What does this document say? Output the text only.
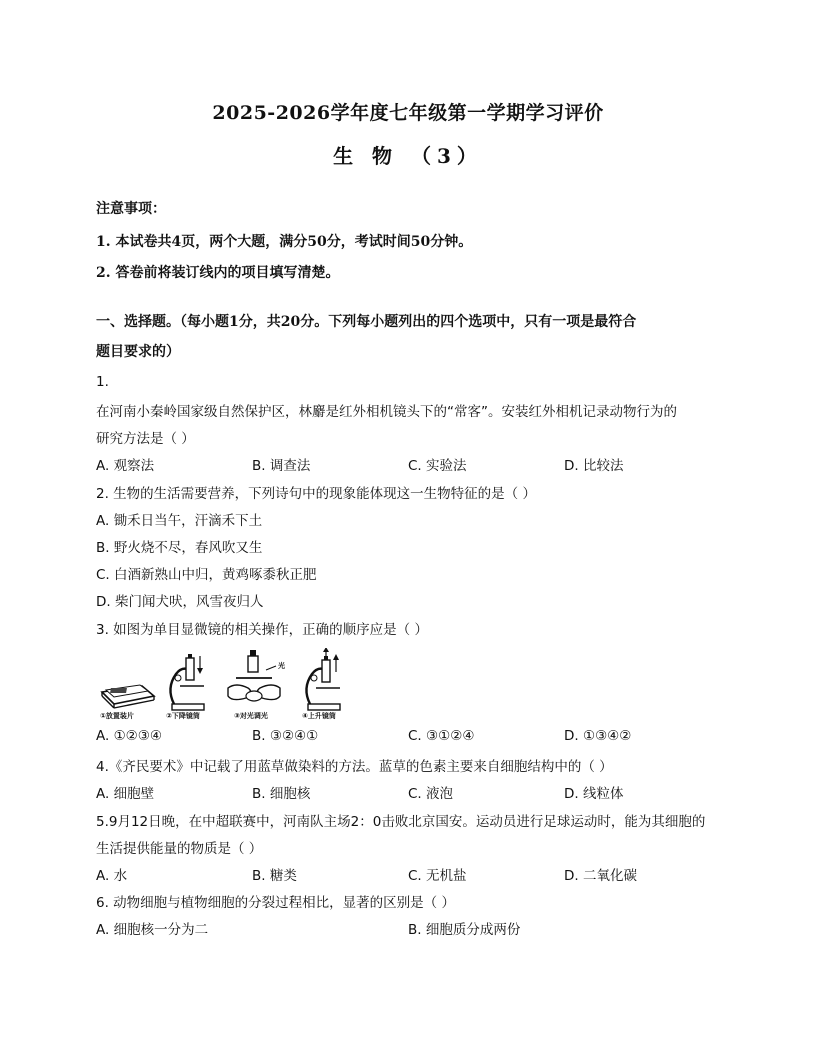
2025-2026学年度七年级第一学期学习评价
生 物 （3）
注意事项：
1. 本试卷共4页，两个大题，满分50分，考试时间50分钟。
2. 答卷前将装订线内的项目填写清楚。
一、选择题。（每小题1分，共20分。下列每小题列出的四个选项中，只有一项是最符合
题目要求的）
1.
在河南小秦岭国家级自然保护区，林麝是红外相机镜头下的“常客”。安装红外相机记录动物行为的
研究方法是（ ）
A. 观察法	B. 调查法	C. 实验法	D. 比较法
2. 生物的生活需要营养，下列诗句中的现象能体现这一生物特征的是（ ）
A. 锄禾日当午，汗滴禾下土
B. 野火烧不尽，春风吹又生
C. 白酒新熟山中归，黄鸡啄黍秋正肥
D. 柴门闻犬吠，风雪夜归人
3. 如图为单目显微镜的相关操作，正确的顺序应是（ ）
光
①放置装片	②下降镜筒	③对光调光	④上升镜筒
A. ①②③④	B. ③②④①	C. ③①②④	D. ①③④②
4.《齐民要术》中记载了用蓝草做染料的方法。蓝草的色素主要来自细胞结构中的（ ）
A. 细胞壁	B. 细胞核	C. 液泡	D. 线粒体
5.9月12日晚，在中超联赛中，河南队主场2：0击败北京国安。运动员进行足球运动时，能为其细胞的
生活提供能量的物质是（ ）
A. 水	B. 糖类	C. 无机盐	D. 二氧化碳
6. 动物细胞与植物细胞的分裂过程相比，显著的区别是（ ）
A. 细胞核一分为二	B. 细胞质分成两份
